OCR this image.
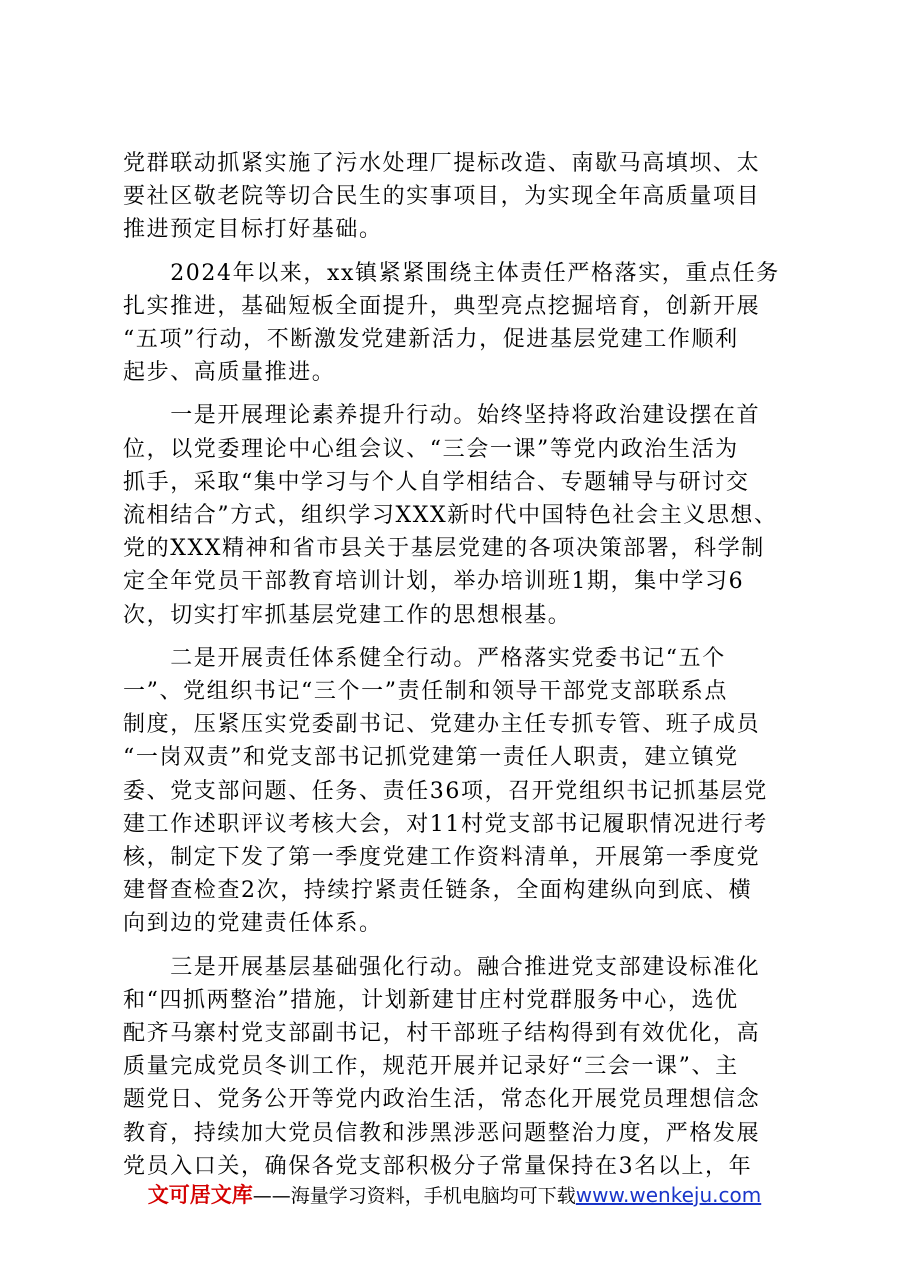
党群联动抓紧实施了污水处理厂提标改造、南歇马高填坝、太
要社区敬老院等切合民生的实事项目，为实现全年高质量项目
推进预定目标打好基础。

　　2024年以来，xx镇紧紧围绕主体责任严格落实，重点任务
扎实推进，基础短板全面提升，典型亮点挖掘培育，创新开展
“五项”行动，不断激发党建新活力，促进基层党建工作顺利
起步、高质量推进。

　　一是开展理论素养提升行动。始终坚持将政治建设摆在首
位，以党委理论中心组会议、“三会一课”等党内政治生活为
抓手，采取“集中学习与个人自学相结合、专题辅导与研讨交
流相结合”方式，组织学习XXX新时代中国特色社会主义思想、
党的XXX精神和省市县关于基层党建的各项决策部署，科学制
定全年党员干部教育培训计划，举办培训班1期，集中学习6
次，切实打牢抓基层党建工作的思想根基。

　　二是开展责任体系健全行动。严格落实党委书记“五个
一”、党组织书记“三个一”责任制和领导干部党支部联系点
制度，压紧压实党委副书记、党建办主任专抓专管、班子成员
“一岗双责”和党支部书记抓党建第一责任人职责，建立镇党
委、党支部问题、任务、责任36项，召开党组织书记抓基层党
建工作述职评议考核大会，对11村党支部书记履职情况进行考
核，制定下发了第一季度党建工作资料清单，开展第一季度党
建督查检查2次，持续拧紧责任链条，全面构建纵向到底、横
向到边的党建责任体系。

　　三是开展基层基础强化行动。融合推进党支部建设标准化
和“四抓两整治”措施，计划新建甘庄村党群服务中心，选优
配齐马寨村党支部副书记，村干部班子结构得到有效优化，高
质量完成党员冬训工作，规范开展并记录好“三会一课”、主
题党日、党务公开等党内政治生活，常态化开展党员理想信念
教育，持续加大党员信教和涉黑涉恶问题整治力度，严格发展
党员入口关，确保各党支部积极分子常量保持在3名以上，年

文可居文库——海量学习资料，手机电脑均可下载www.wenkeju.com
